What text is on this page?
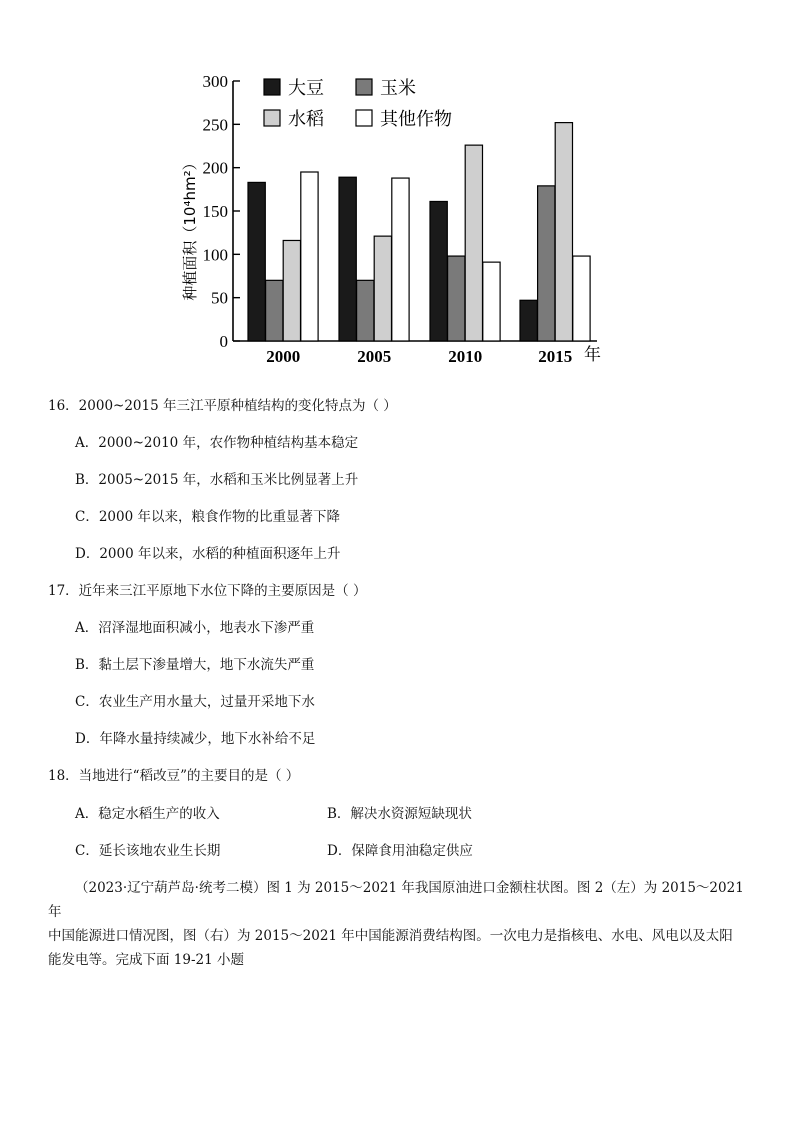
0
50
100
150
200
250
300
2000	2005	2010	2015 年
种植面积（10⁴hm²）
大豆	玉米
水稻	其他作物
16．2000~2015 年三江平原种植结构的变化特点为（ ）
A．2000~2010 年，农作物种植结构基本稳定
B．2005~2015 年，水稻和玉米比例显著上升
C．2000 年以来，粮食作物的比重显著下降
D．2000 年以来，水稻的种植面积逐年上升
17．近年来三江平原地下水位下降的主要原因是（ ）
A．沼泽湿地面积减小，地表水下渗严重
B．黏土层下渗量增大，地下水流失严重
C．农业生产用水量大，过量开采地下水
D．年降水量持续减少，地下水补给不足
18．当地进行“稻改豆”的主要目的是（ ）
A．稳定水稻生产的收入	B．解决水资源短缺现状
C．延长该地农业生长期	D．保障食用油稳定供应

（2023·辽宁葫芦岛·统考二模）图 1 为 2015～2021 年我国原油进口金额柱状图。图 2（左）为 2015～2021 年

中国能源进口情况图，图（右）为 2015～2021 年中国能源消费结构图。一次电力是指核电、水电、风电以及太阳

能发电等。完成下面 19-21 小题
